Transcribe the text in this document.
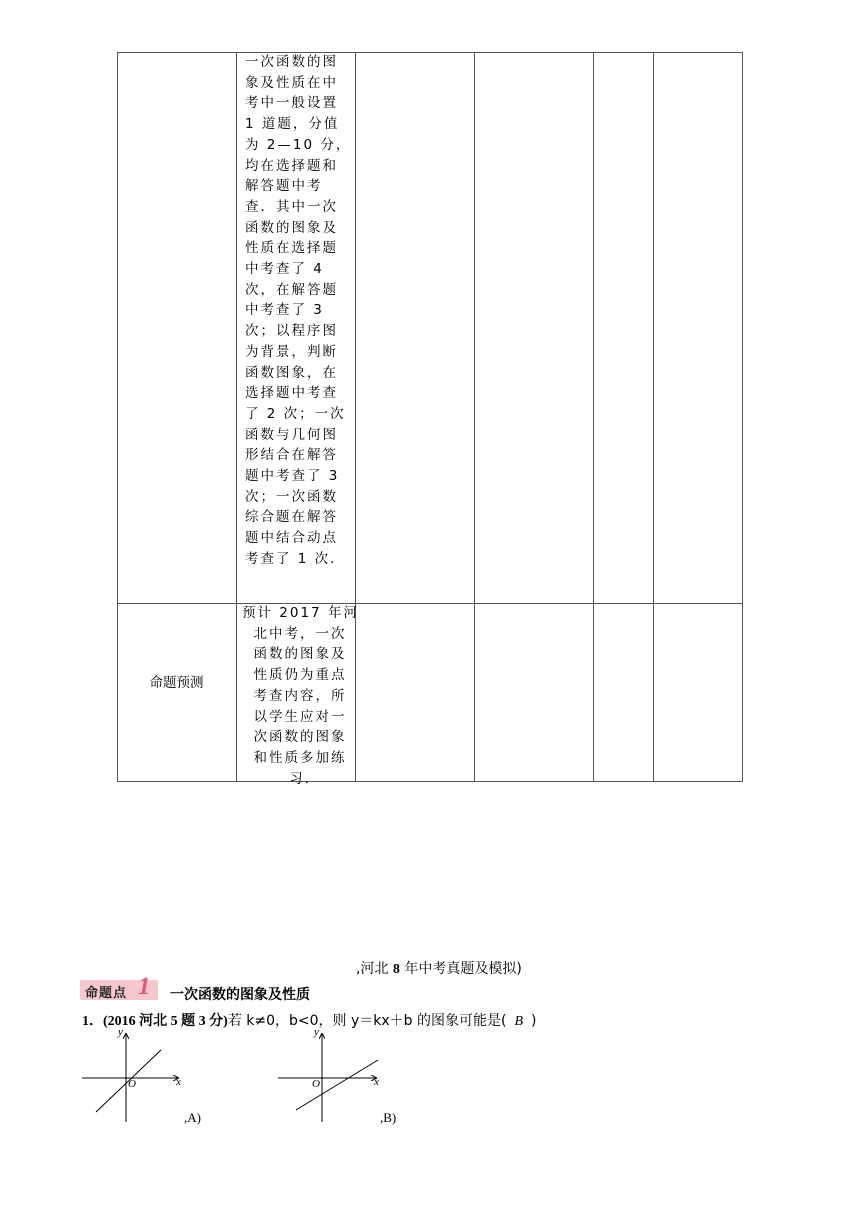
一次函数的图
象及性质在中
考中一般设置
1 道题，分值
为 2—10 分，
均在选择题和
解答题中考
查．其中一次
函数的图象及
性质在选择题
中考查了 4
次，在解答题
中考查了 3
次；以程序图
为背景，判断
函数图象，在
选择题中考查
了 2 次；一次
函数与几何图
形结合在解答
题中考查了 3
次；一次函数
综合题在解答
题中结合动点
考查了 1 次．
命题预测
预计 2017 年河
北中考，一次
函数的图象及
性质仍为重点
考查内容，所
以学生应对一
次函数的图象
和性质多加练
习.
,河北 8 年中考真题及模拟)
命题点 1 一次函数的图象及性质
1．(2016 河北 5 题 3 分)若 k≠0，b<0，则 y＝kx＋b 的图象可能是( B )
y
x
O
,A)
y
x
O
,B)
